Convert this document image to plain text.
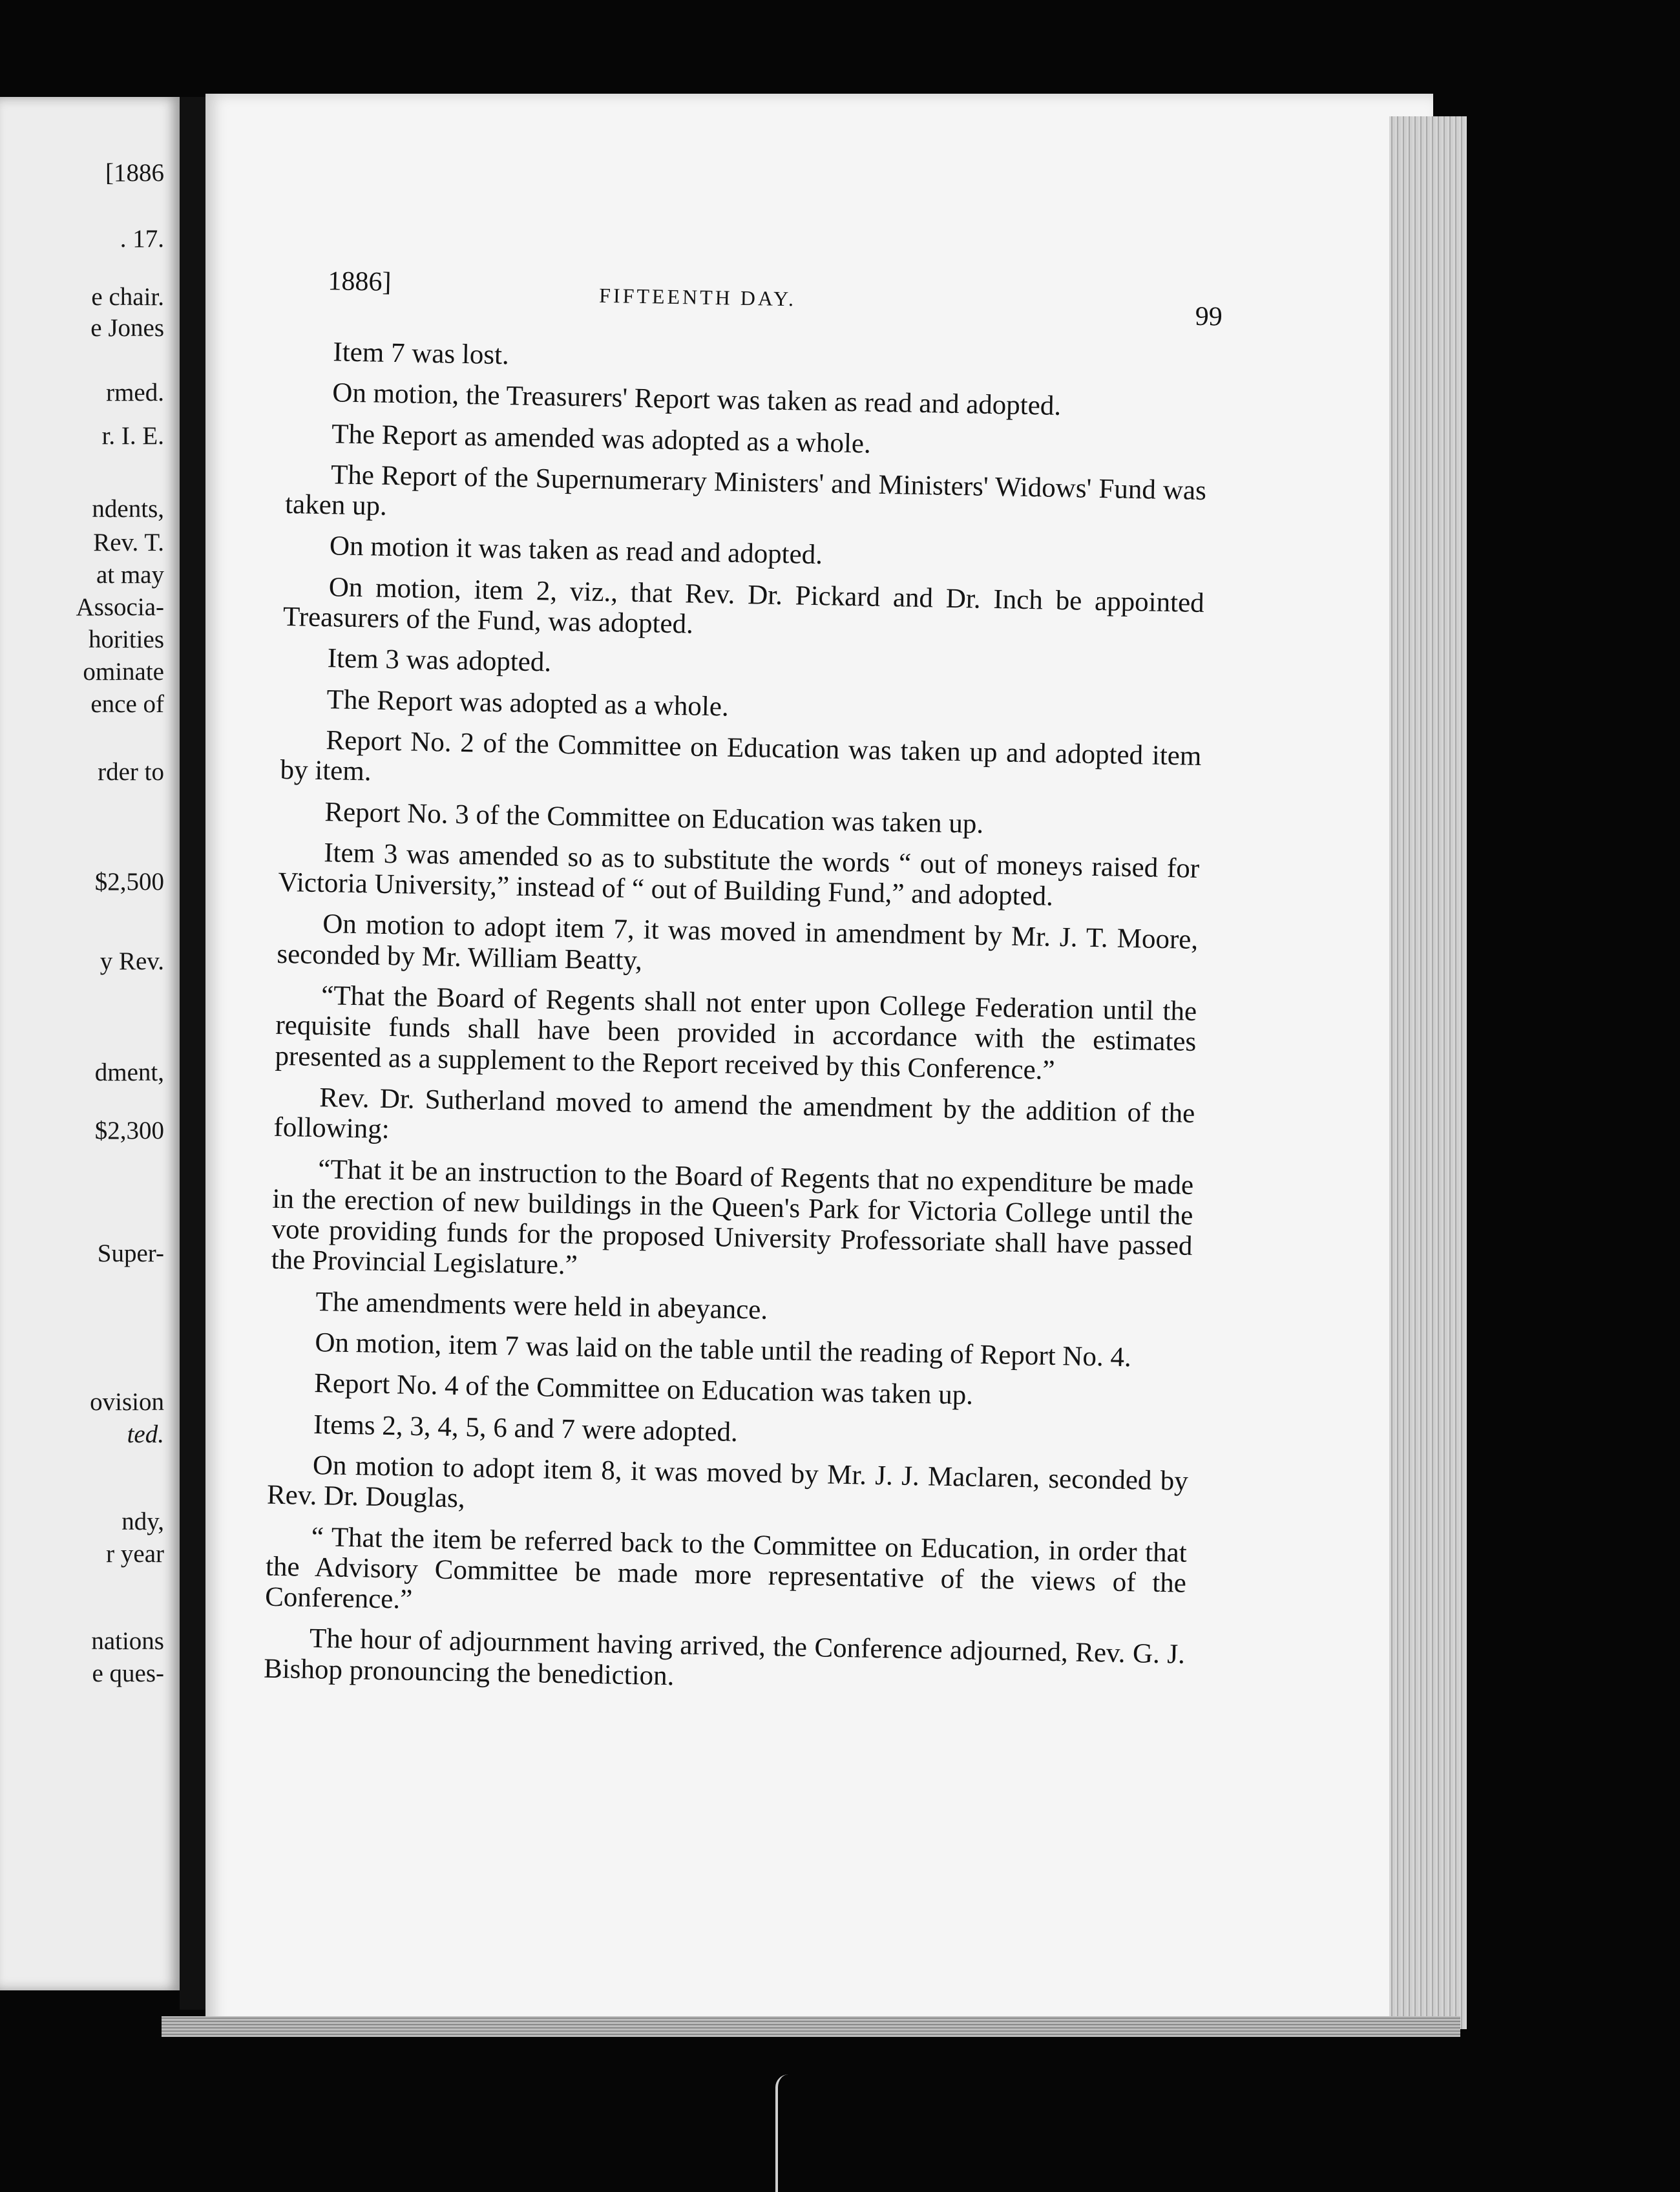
[1886
. 17.
e chair.
e Jones
rmed.
r. I. E.
ndents,
Rev. T.
at may
Associa-
horities
ominate
ence of
rder to
$2,500
y Rev.
dment,
$2,300
Super-
ovision
ted.
ndy,
r year
nations
e ques-
1886]	FIFTEENTH DAY.
99

Item 7 was lost.

On motion, the Treasurers' Report was taken as read and adopted.

The Report as amended was adopted as a whole.

The Report of the Supernumerary Ministers' and Ministers' Widows' Fund was taken up.

On motion it was taken as read and adopted.

On motion, item 2, viz., that Rev. Dr. Pickard and Dr. Inch be appointed Treasurers of the Fund, was adopted.

Item 3 was adopted.

The Report was adopted as a whole.

Report No. 2 of the Committee on Education was taken up and adopted item by item.

Report No. 3 of the Committee on Education was taken up.

Item 3 was amended so as to substitute the words “ out of moneys raised for Victoria University,” instead of “ out of Building Fund,” and adopted.

On motion to adopt item 7, it was moved in amendment by Mr. J. T. Moore, seconded by Mr. William Beatty,

“That the Board of Regents shall not enter upon College Federation until the requisite funds shall have been provided in accordance with the estimates presented as a supplement to the Report received by this Conference.”

Rev. Dr. Sutherland moved to amend the amendment by the addition of the following:

“That it be an instruction to the Board of Regents that no expenditure be made in the erection of new buildings in the Queen's Park for Victoria College until the vote providing funds for the proposed University Professoriate shall have passed the Provincial Legislature.”

The amendments were held in abeyance.

On motion, item 7 was laid on the table until the reading of Report No. 4.

Report No. 4 of the Committee on Education was taken up.

Items 2, 3, 4, 5, 6 and 7 were adopted.

On motion to adopt item 8, it was moved by Mr. J. J. Maclaren, seconded by Rev. Dr. Douglas,

“ That the item be referred back to the Committee on Education, in order that the Advisory Committee be made more representative of the views of the Conference.”

The hour of adjournment having arrived, the Conference adjourned, Rev. G. J. Bishop pronouncing the benediction.
